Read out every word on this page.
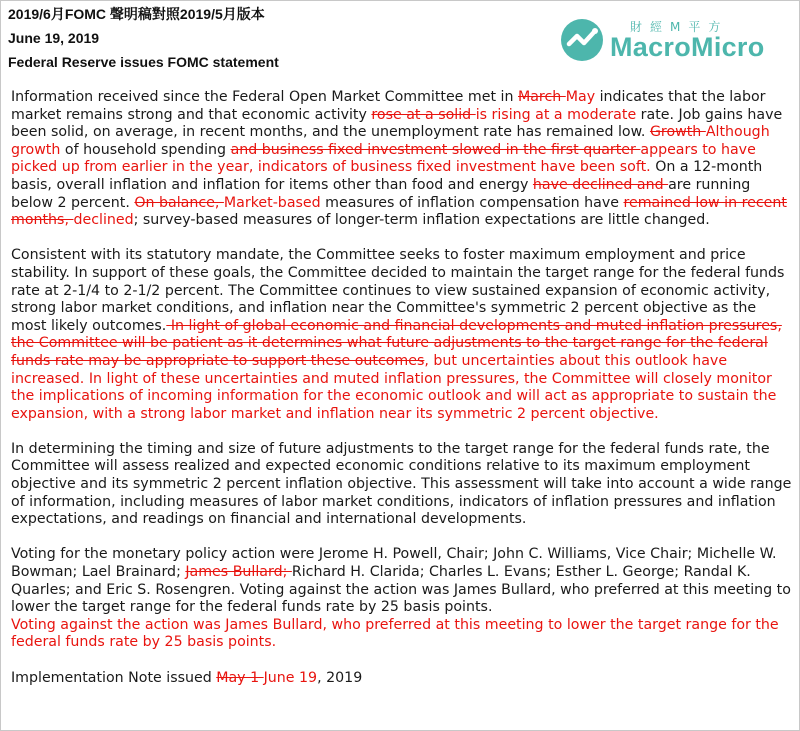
2019/6月FOMC 聲明稿對照2019/5月版本
June 19, 2019
Federal Reserve issues FOMC statement
財經M平方
MacroMicro
Information received since the Federal Open Market Committee met in March May indicates that the labor market remains strong and that economic activity rose at a solid is rising at a moderate rate. Job gains have been solid, on average, in recent months, and the unemployment rate has remained low. Growth Although growth of household spending and business fixed investment slowed in the first quarter appears to have picked up from earlier in the year, indicators of business fixed investment have been soft. On a 12-month basis, overall inflation and inflation for items other than food and energy have declined and are running below 2 percent. On balance, Market-based measures of inflation compensation have remained low in recent months, declined; survey-based measures of longer-term inflation expectations are little changed.
Consistent with its statutory mandate, the Committee seeks to foster maximum employment and price stability. In support of these goals, the Committee decided to maintain the target range for the federal funds rate at 2-1/4 to 2-1/2 percent. The Committee continues to view sustained expansion of economic activity, strong labor market conditions, and inflation near the Committee's symmetric 2 percent objective as the most likely outcomes. In light of global economic and financial developments and muted inflation pressures, the Committee will be patient as it determines what future adjustments to the target range for the federal funds rate may be appropriate to support these outcomes, but uncertainties about this outlook have increased. In light of these uncertainties and muted inflation pressures, the Committee will closely monitor the implications of incoming information for the economic outlook and will act as appropriate to sustain the expansion, with a strong labor market and inflation near its symmetric 2 percent objective.
In determining the timing and size of future adjustments to the target range for the federal funds rate, the Committee will assess realized and expected economic conditions relative to its maximum employment objective and its symmetric 2 percent inflation objective. This assessment will take into account a wide range of information, including measures of labor market conditions, indicators of inflation pressures and inflation expectations, and readings on financial and international developments.
Voting for the monetary policy action were Jerome H. Powell, Chair; John C. Williams, Vice Chair; Michelle W. Bowman; Lael Brainard; James Bullard; Richard H. Clarida; Charles L. Evans; Esther L. George; Randal K. Quarles; and Eric S. Rosengren. Voting against the action was James Bullard, who preferred at this meeting to lower the target range for the federal funds rate by 25 basis points.
Voting against the action was James Bullard, who preferred at this meeting to lower the target range for the federal funds rate by 25 basis points.
Implementation Note issued May 1 June 19, 2019
